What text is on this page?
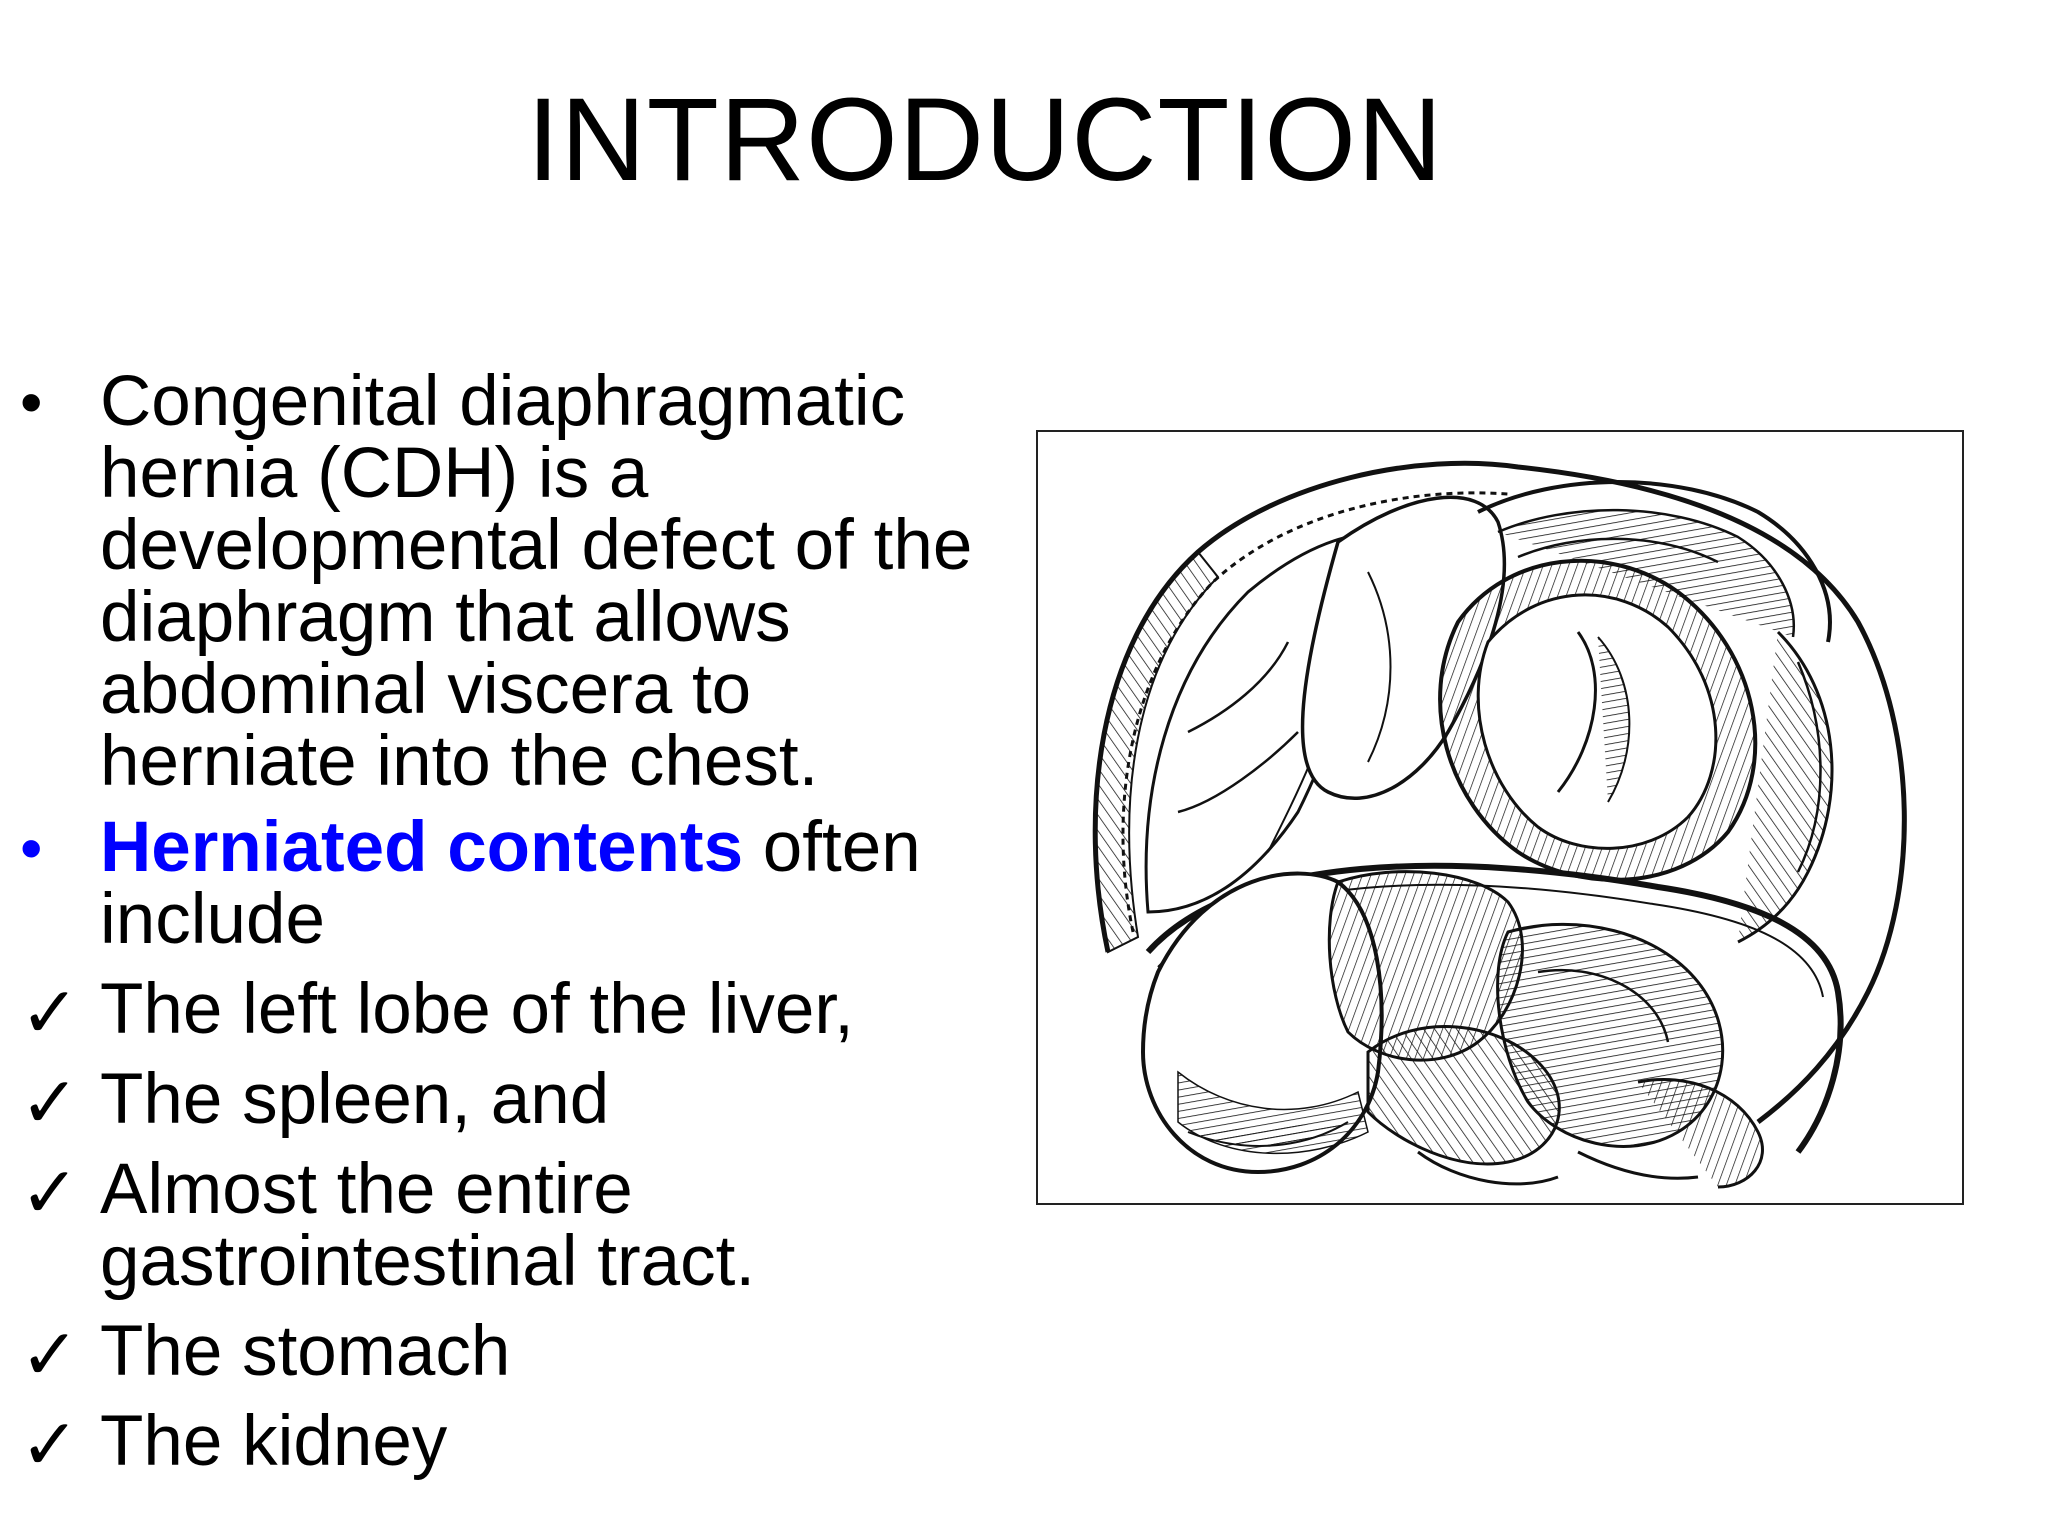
INTRODUCTION
• Congenital diaphragmatic hernia (CDH) is a developmental defect of the diaphragm that allows abdominal viscera to herniate into the chest.
• Herniated contents often include
✓ The left lobe of the liver,
✓ The spleen, and
✓ Almost the entire gastrointestinal tract.
✓ The stomach
✓ The kidney
